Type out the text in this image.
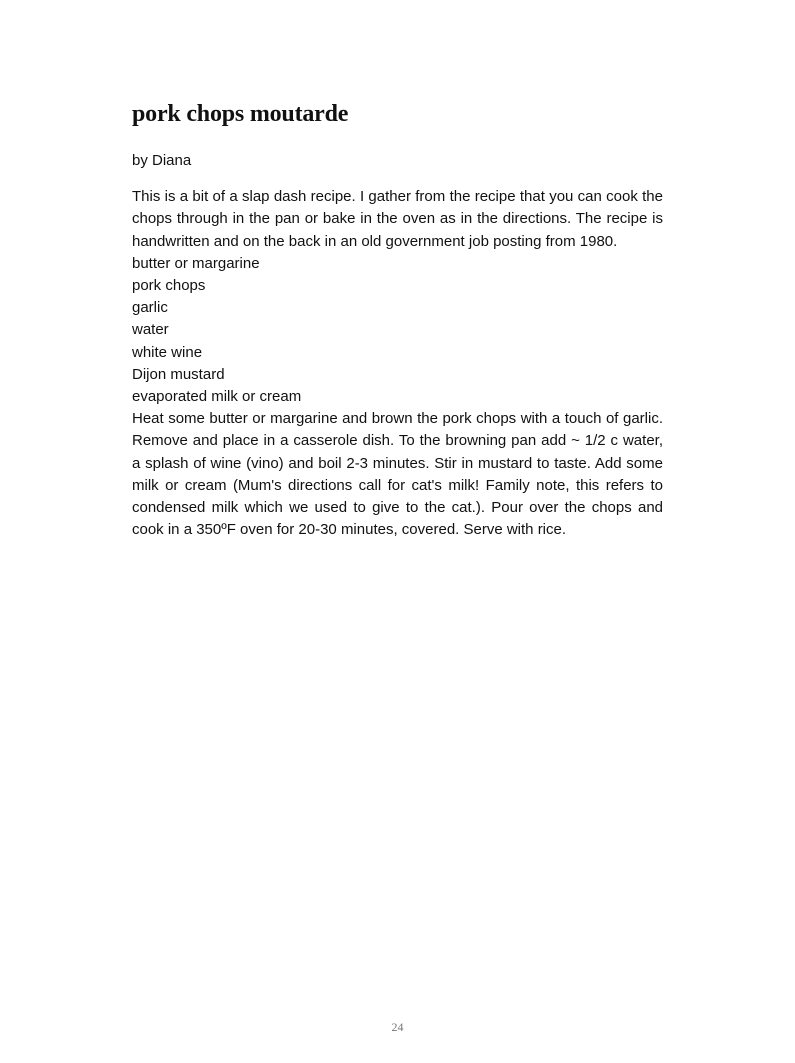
pork chops moutarde

by Diana

This is a bit of a slap dash recipe. I gather from the recipe that you can cook the chops through in the pan or bake in the oven as in the directions. The recipe is handwritten and on the back in an old government job posting from 1980.

butter or margarine
pork chops
garlic
water
white wine
Dijon mustard
evaporated milk or cream

Heat some butter or margarine and brown the pork chops with a touch of garlic. Remove and place in a casserole dish. To the browning pan add ~ 1/2 c water, a splash of wine (vino) and boil 2-3 minutes. Stir in mustard to taste. Add some milk or cream (Mum's directions call for cat's milk! Family note, this refers to condensed milk which we used to give to the cat.). Pour over the chops and cook in a 350ºF oven for 20-30 minutes, covered. Serve with rice.

24
